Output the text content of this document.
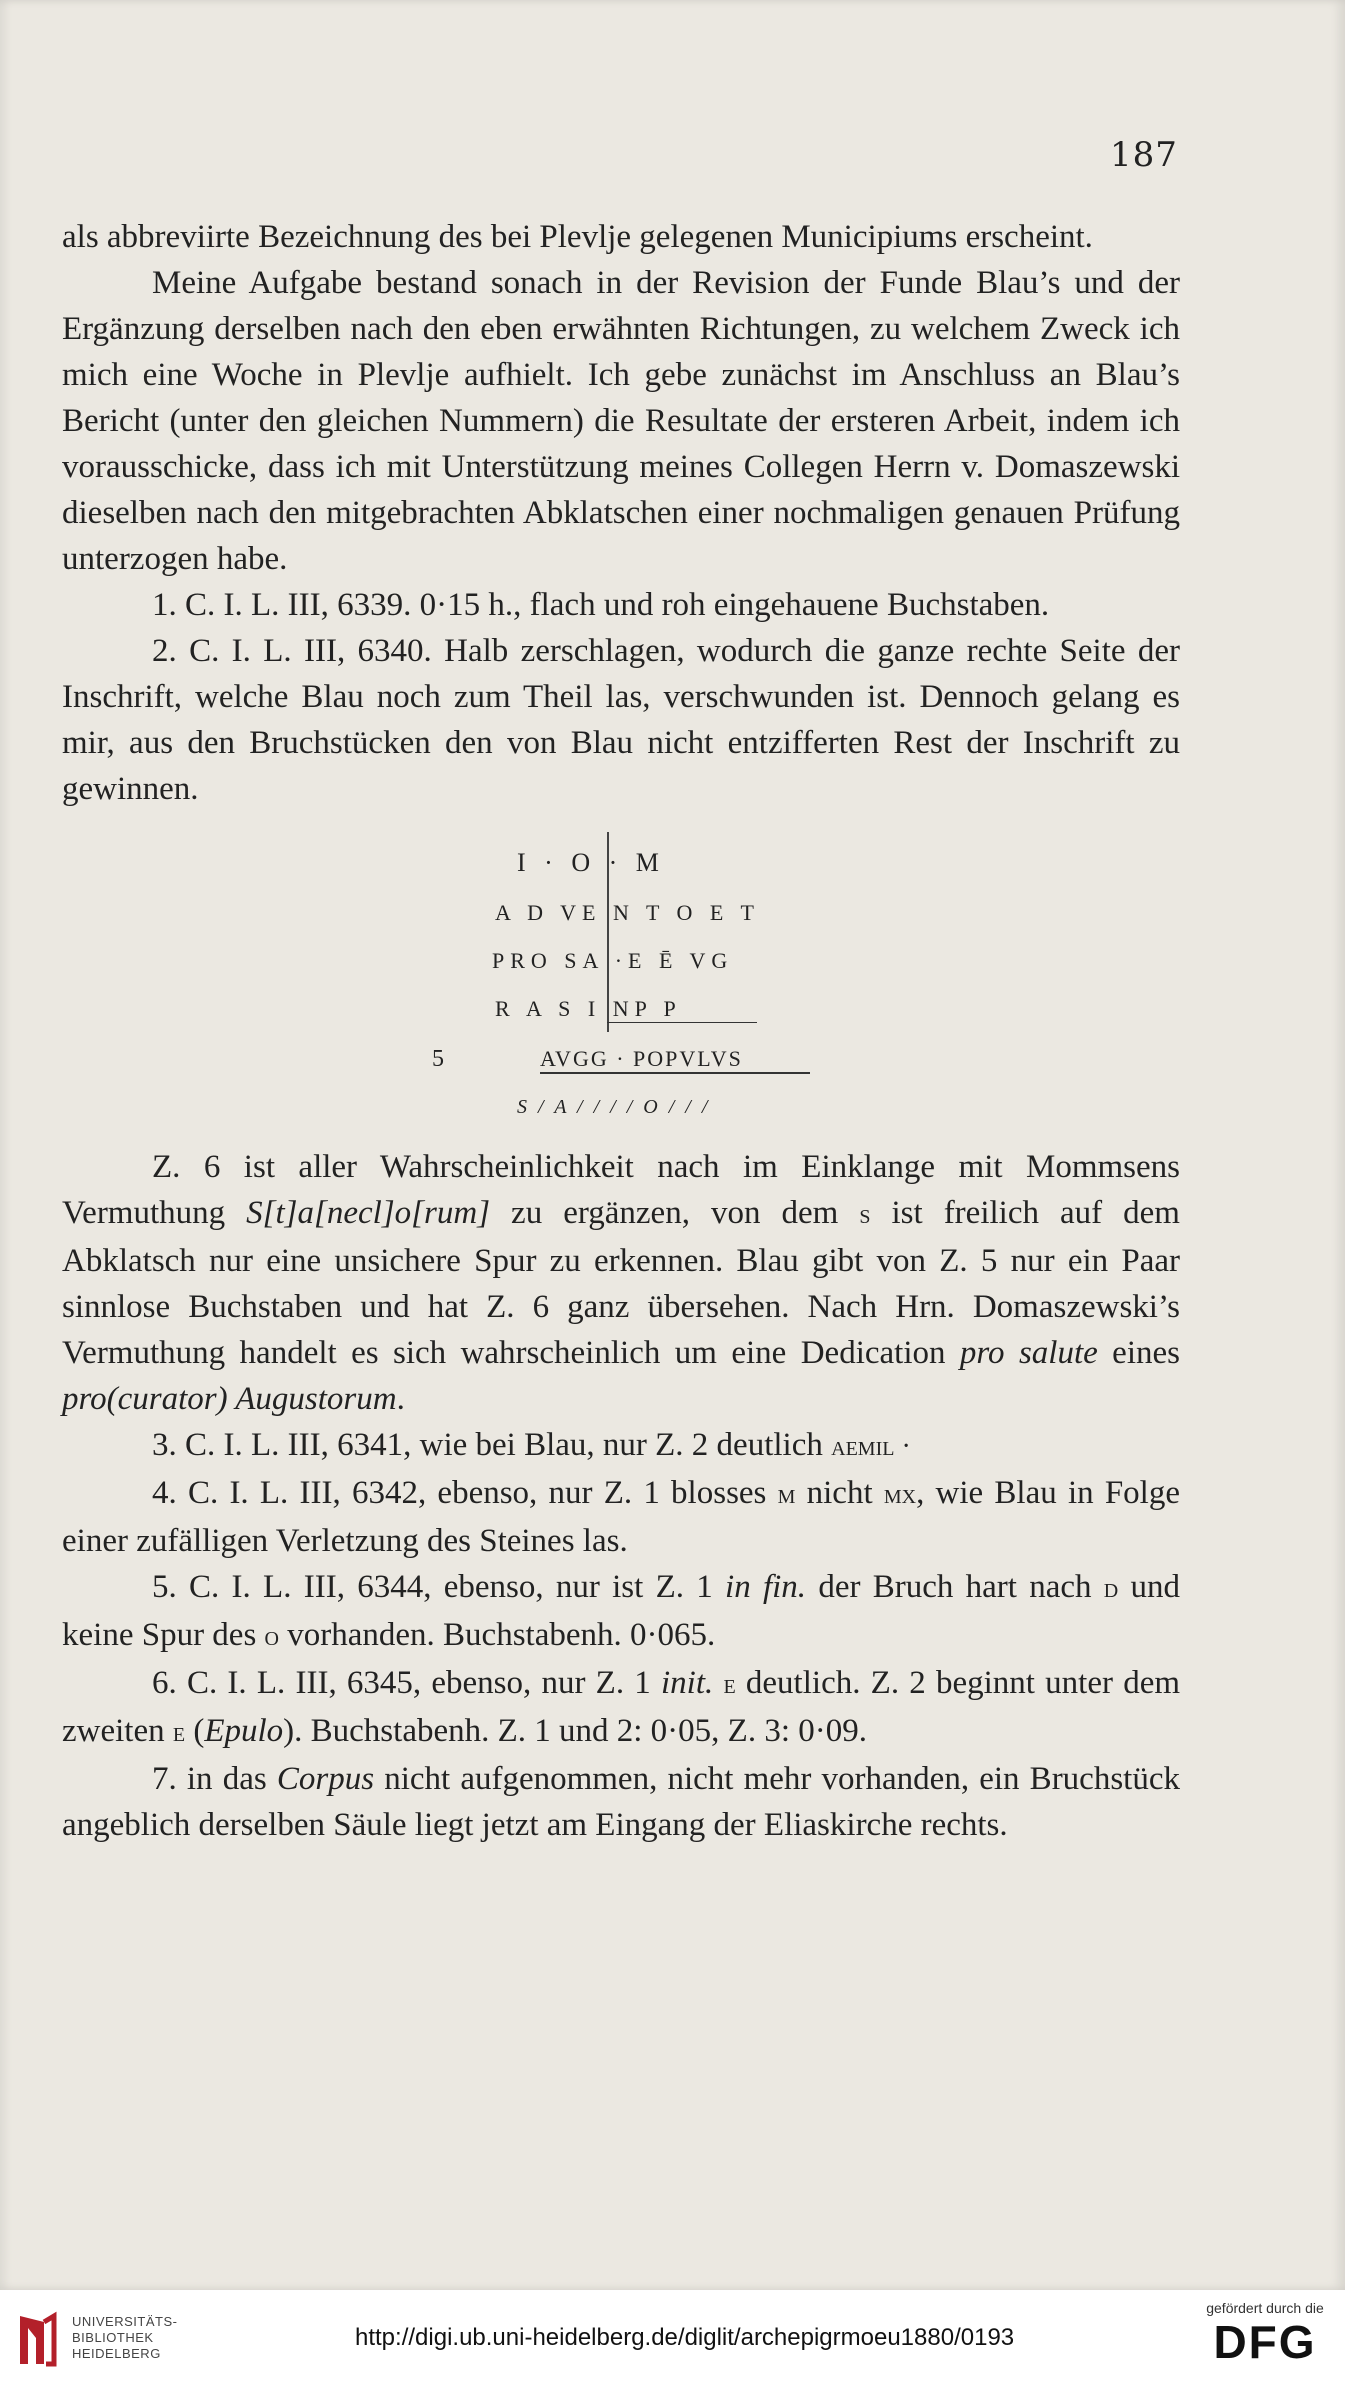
187

als abbreviirte Bezeichnung des bei Plevlje gelegenen Municipiums erscheint.

Meine Aufgabe bestand sonach in der Revision der Funde Blau’s und der Ergänzung derselben nach den eben erwähnten Richtungen, zu welchem Zweck ich mich eine Woche in Plevlje aufhielt. Ich gebe zunächst im Anschluss an Blau’s Bericht (unter den gleichen Nummern) die Resultate der ersteren Arbeit, indem ich vorausschicke, dass ich mit Unterstützung meines Collegen Herrn v. Domaszewski dieselben nach den mitgebrachten Abklatschen einer nochmaligen genauen Prüfung unterzogen habe.

1. C. I. L. III, 6339. 0·15 h., flach und roh eingehauene Buchstaben.

2. C. I. L. III, 6340. Halb zerschlagen, wodurch die ganze rechte Seite der Inschrift, welche Blau noch zum Theil las, verschwunden ist. Dennoch gelang es mir, aus den Bruchstücken den von Blau nicht entzifferten Rest der Inschrift zu gewinnen.

I · O · M
A D VE N T O E T
PRO SA ·E Ē VG
R A S I NP P
5	AVGG · POPVLVS
S / A / / / / O / / /

Z. 6 ist aller Wahrscheinlichkeit nach im Einklange mit Mommsens Vermuthung S[t]a[necl]o[rum] zu ergänzen, von dem s ist freilich auf dem Abklatsch nur eine unsichere Spur zu erkennen. Blau gibt von Z. 5 nur ein Paar sinnlose Buchstaben und hat Z. 6 ganz übersehen. Nach Hrn. Domaszewski’s Vermuthung handelt es sich wahrscheinlich um eine Dedication pro salute eines pro(curator) Augustorum.

3. C. I. L. III, 6341, wie bei Blau, nur Z. 2 deutlich aemil ·

4. C. I. L. III, 6342, ebenso, nur Z. 1 blosses m nicht mx, wie Blau in Folge einer zufälligen Verletzung des Steines las.

5. C. I. L. III, 6344, ebenso, nur ist Z. 1 in fin. der Bruch hart nach d und keine Spur des o vorhanden. Buchstabenh. 0·065.

6. C. I. L. III, 6345, ebenso, nur Z. 1 init. e deutlich. Z. 2 beginnt unter dem zweiten e (Epulo). Buchstabenh. Z. 1 und 2: 0·05, Z. 3: 0·09.

7. in das Corpus nicht aufgenommen, nicht mehr vorhanden, ein Bruchstück angeblich derselben Säule liegt jetzt am Eingang der Eliaskirche rechts.

UNIVERSITÄTS-
BIBLIOTHEK
HEIDELBERG
http://digi.ub.uni-heidelberg.de/diglit/archepigrmoeu1880/0193
gefördert durch die
DFG
